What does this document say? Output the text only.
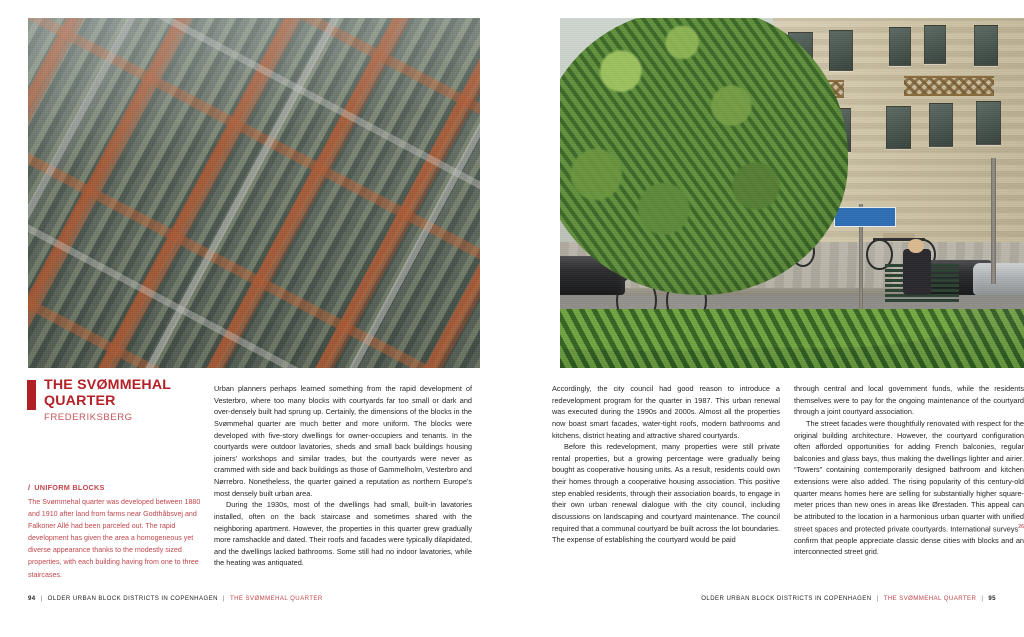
THE SVØMMEHAL QUARTER
FREDERIKSBERG
/ UNIFORM BLOCKS
The Svømmehal quarter was developed between 1880 and 1910 after land from farms near Godthåbsvej and Falkoner Allé had been parceled out. The rapid development has given the area a homogeneous yet diverse appearance thanks to the modestly sized properties, with each building having from one to three staircases.

Urban planners perhaps learned something from the rapid development of Vesterbro, where too many blocks with courtyards far too small or dark and over-densely built had sprung up. Certainly, the dimensions of the blocks in the Svømmehal quarter are much better and more uniform. The blocks were developed with five-story dwellings for owner-occupiers and tenants. In the courtyards were outdoor lavatories, sheds and small back buildings housing joiners' workshops and similar trades, but the courtyards were never as crammed with side and back buildings as those of Gammelholm, Vesterbro and Nørrebro. Nonetheless, the quarter gained a reputation as northern Europe's most densely built urban area.

During the 1930s, most of the dwellings had small, built-in lavatories installed, often on the back staircase and sometimes shared with the neighboring apartment. However, the properties in this quarter grew gradually more ramshackle and dated. Their roofs and facades were typically dilapidated, and the dwellings lacked bathrooms. Some still had no indoor lavatories, while the heating was antiquated.

Accordingly, the city council had good reason to introduce a redevelopment program for the quarter in 1987. This urban renewal was executed during the 1990s and 2000s. Almost all the properties now boast smart facades, water-tight roofs, modern bathrooms and kitchens, district heating and attractive shared courtyards.

Before this redevelopment, many properties were still private rental properties, but a growing percentage were gradually being bought as cooperative housing units. As a result, residents could own their homes through a cooperative housing association. This positive step enabled residents, through their association boards, to engage in their own urban renewal dialogue with the city council, including discussions on landscaping and courtyard maintenance. The council required that a communal courtyard be built across the lot boundaries. The expense of establishing the courtyard would be paid

through central and local government funds, while the residents themselves were to pay for the ongoing maintenance of the courtyard through a joint courtyard association.

The street facades were thoughtfully renovated with respect for the original building architecture. However, the courtyard configuration often afforded opportunities for adding French balconies, regular balconies and glass bays, thus making the dwellings lighter and airier. “Towers” containing contemporarily designed bathroom and kitchen extensions were also added. The rising popularity of this century-old quarter means homes here are selling for substantially higher square-meter prices than new ones in areas like Ørestaden. This appeal can be attributed to the location in a harmonious urban quarter with unified street spaces and protected private courtyards. International surveys$^{26}$ confirm that people appreciate classic dense cities with blocks and an interconnected street grid.

94 | OLDER URBAN BLOCK DISTRICTS IN COPENHAGEN | THE SVØMMEHAL QUARTER	OLDER URBAN BLOCK DISTRICTS IN COPENHAGEN | THE SVØMMEHAL QUARTER | 95
